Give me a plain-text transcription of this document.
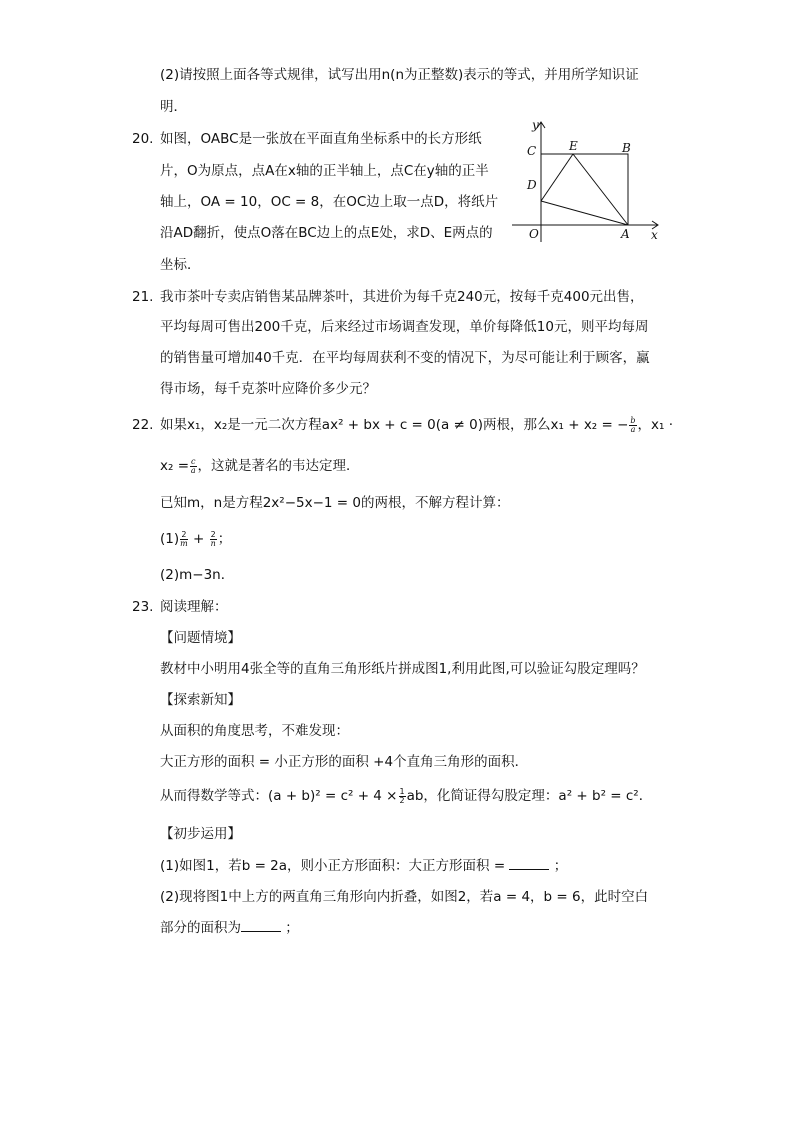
(2)请按照上面各等式规律，试写出用n(n为正整数)表示的等式，并用所学知识证
明．
20. 如图，OABC是一张放在平面直角坐标系中的长方形纸
片，O为原点，点A在x轴的正半轴上，点C在y轴的正半
轴上，OA = 10，OC = 8，在OC边上取一点D，将纸片
沿AD翻折，使点O落在BC边上的点E处，求D、E两点的
坐标．
y
x
C	E	B
D
O	A
21. 我市茶叶专卖店销售某品牌茶叶，其进价为每千克240元，按每千克400元出售，
平均每周可售出200千克，后来经过市场调查发现，单价每降低10元，则平均每周
的销售量可增加40千克．在平均每周获利不变的情况下，为尽可能让利于顾客，赢
得市场，每千克茶叶应降价多少元？
22. 如果x₁，x₂是一元二次方程ax² + bx + c = 0(a ≠ 0)两根，那么x₁ + x₂ = − $\frac{b}{a}$ ，x₁ ·
$x_2 = \frac{c}{a}$ ，这就是著名的韦达定理．
已知m，n是方程2x²−5x−1 = 0的两根，不解方程计算：
$(1) \frac{2}{m} + \frac{2}{n}$ ；
(2)m−3n．
23. 阅读理解：
【问题情境】
教材中小明用4张全等的直角三角形纸片拼成图1,利用此图,可以验证勾股定理吗？
【探索新知】
从面积的角度思考，不难发现：
大正方形的面积 = 小正方形的面积 +4个直角三角形的面积．
从而得数学等式：$(a + b)^2 = c^2 + 4 \times \frac{1}{2}$ ab，化简证得勾股定理：a² + b² = c²．
【初步运用】
(1)如图1，若b = 2a，则小正方形面积：大正方形面积 =	；
(2)现将图1中上方的两直角三角形向内折叠，如图2，若a = 4，b = 6，此时空白
部分的面积为	；
